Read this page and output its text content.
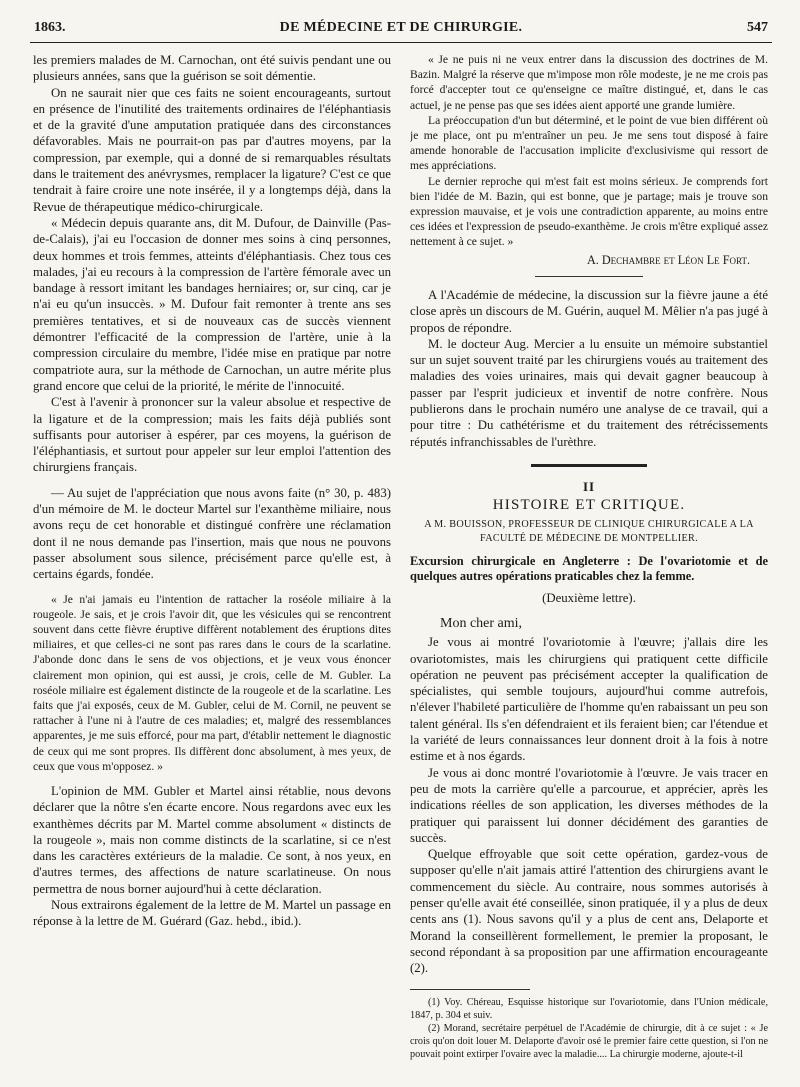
1863.	DE MÉDECINE ET DE CHIRURGIE.	547

les premiers malades de M. Carnochan, ont été suivis pendant une ou plusieurs années, sans que la guérison se soit démentie.

On ne saurait nier que ces faits ne soient encourageants, surtout en présence de l'inutilité des traitements ordinaires de l'éléphantiasis et de la gravité d'une amputation pratiquée dans des circonstances défavorables. Mais ne pourrait-on pas par d'autres moyens, par la compression, par exemple, qui a donné de si remarquables résultats dans le traitement des anévrysmes, remplacer la ligature? C'est ce que tendrait à faire croire une note insérée, il y a longtemps déjà, dans la Revue de thérapeutique médico-chirurgicale.

« Médecin depuis quarante ans, dit M. Dufour, de Dainville (Pas-de-Calais), j'ai eu l'occasion de donner mes soins à cinq personnes, deux hommes et trois femmes, atteints d'éléphantiasis. Chez tous ces malades, j'ai eu recours à la compression de l'artère fémorale avec un bandage à ressort imitant les bandages herniaires; or, sur cinq, car je n'ai eu qu'un insuccès. » M. Dufour fait remonter à trente ans ses premières tentatives, et si de nouveaux cas de succès viennent démontrer l'efficacité de la compression de l'artère, unie à la compression circulaire du membre, l'idée mise en pratique par notre compatriote aura, sur la méthode de Carnochan, un autre mérite plus grand encore que celui de la priorité, le mérite de l'innocuité.

C'est à l'avenir à prononcer sur la valeur absolue et respective de la ligature et de la compression; mais les faits déjà publiés sont suffisants pour autoriser à espérer, par ces moyens, la guérison de l'éléphantiasis, et surtout pour appeler sur leur emploi l'attention des chirurgiens français.

— Au sujet de l'appréciation que nous avons faite (n° 30, p. 483) d'un mémoire de M. le docteur Martel sur l'exanthème miliaire, nous avons reçu de cet honorable et distingué confrère une réclamation dont il ne nous demande pas l'insertion, mais que nous ne pouvons passer absolument sous silence, précisément parce qu'elle est, à certains égards, fondée.

« Je n'ai jamais eu l'intention de rattacher la roséole miliaire à la rougeole. Je sais, et je crois l'avoir dit, que les vésicules qui se rencontrent souvent dans cette fièvre éruptive diffèrent notablement des éruptions dites miliaires, et que celles-ci ne sont pas rares dans le cours de la scarlatine. J'abonde donc dans le sens de vos objections, et je veux vous énoncer clairement mon opinion, qui est aussi, je crois, celle de M. Gubler. La roséole miliaire est également distincte de la rougeole et de la scarlatine. Les faits que j'ai exposés, ceux de M. Gubler, celui de M. Cornil, ne peuvent se rattacher à l'une ni à l'autre de ces maladies; et, malgré des ressemblances apparentes, je me suis efforcé, pour ma part, d'établir nettement le diagnostic de ceux qui me sont propres. Ils diffèrent donc absolument, à mes yeux, de ceux que vous m'opposez. »

L'opinion de MM. Gubler et Martel ainsi rétablie, nous devons déclarer que la nôtre s'en écarte encore. Nous regardons avec eux les exanthèmes décrits par M. Martel comme absolument « distincts de la rougeole », mais non comme distincts de la scarlatine, si ce n'est dans les caractères extérieurs de la maladie. Ce sont, à nos yeux, en d'autres termes, des affections de nature scarlatineuse. On nous permettra de nous borner aujourd'hui à cette déclaration.

Nous extrairons également de la lettre de M. Martel un passage en réponse à la lettre de M. Guérard (Gaz. hebd., ibid.).

« Je ne puis ni ne veux entrer dans la discussion des doctrines de M. Bazin. Malgré la réserve que m'impose mon rôle modeste, je ne me crois pas forcé d'accepter tout ce qu'enseigne ce maître distingué, et, dans le cas actuel, je ne pense pas que ses idées aient apporté une grande lumière.

La préoccupation d'un but déterminé, et le point de vue bien différent où je me place, ont pu m'entraîner un peu. Je me sens tout disposé à faire amende honorable de l'accusation implicite d'exclusivisme qui ressort de mes appréciations.

Le dernier reproche qui m'est fait est moins sérieux. Je comprends fort bien l'idée de M. Bazin, qui est bonne, que je partage; mais je trouve son expression mauvaise, et je vois une contradiction apparente, au moins entre ces idées et l'expression de pseudo-exanthème. Je crois m'être expliqué assez nettement à ce sujet. »

A. Dechambre et Léon Le Fort.

A l'Académie de médecine, la discussion sur la fièvre jaune a été close après un discours de M. Guérin, auquel M. Mêlier n'a pas jugé à propos de répondre.

M. le docteur Aug. Mercier a lu ensuite un mémoire substantiel sur un sujet souvent traité par les chirurgiens voués au traitement des maladies des voies urinaires, mais qui devait gagner beaucoup à passer par l'esprit judicieux et inventif de notre confrère. Nous publierons dans le prochain numéro une analyse de ce travail, qui a pour titre : Du cathétérisme et du traitement des rétrécissements réputés infranchissables de l'urèthre.

II
HISTOIRE ET CRITIQUE.
A M. BOUISSON, PROFESSEUR DE CLINIQUE CHIRURGICALE A LA FACULTÉ DE MÉDECINE DE MONTPELLIER.
Excursion chirurgicale en Angleterre : De l'ovariotomie et de quelques autres opérations praticables chez la femme.
(Deuxième lettre).

Mon cher ami,

Je vous ai montré l'ovariotomie à l'œuvre; j'allais dire les ovariotomistes, mais les chirurgiens qui pratiquent cette difficile opération ne peuvent pas précisément accepter la qualification de spécialistes, qui semble toujours, aujourd'hui comme autrefois, n'élever l'habileté particulière de l'homme qu'en rabaissant un peu son talent général. Ils s'en défendraient et ils feraient bien; car l'étendue et la variété de leurs connaissances leur donnent droit à la fois à notre estime et à nos égards.

Je vous ai donc montré l'ovariotomie à l'œuvre. Je vais tracer en peu de mots la carrière qu'elle a parcourue, et apprécier, après les indications réelles de son application, les diverses méthodes de la pratiquer qui paraissent lui donner décidément des garanties de succès.

Quelque effroyable que soit cette opération, gardez-vous de supposer qu'elle n'ait jamais attiré l'attention des chirurgiens avant le commencement du siècle. Au contraire, nous sommes autorisés à penser qu'elle avait été conseillée, sinon pratiquée, il y a plus de deux cents ans (1). Nous savons qu'il y a plus de cent ans, Delaporte et Morand la conseillèrent formellement, le premier la proposant, le second répondant à sa proposition par une affirmation encourageante (2).

(1) Voy. Chéreau, Esquisse historique sur l'ovariotomie, dans l'Union médicale, 1847, p. 304 et suiv.

(2) Morand, secrétaire perpétuel de l'Académie de chirurgie, dit à ce sujet : « Je crois qu'on doit louer M. Delaporte d'avoir osé le premier faire cette question, si l'on ne pouvait point extirper l'ovaire avec la maladie.... La chirurgie moderne, ajoute-t-il
